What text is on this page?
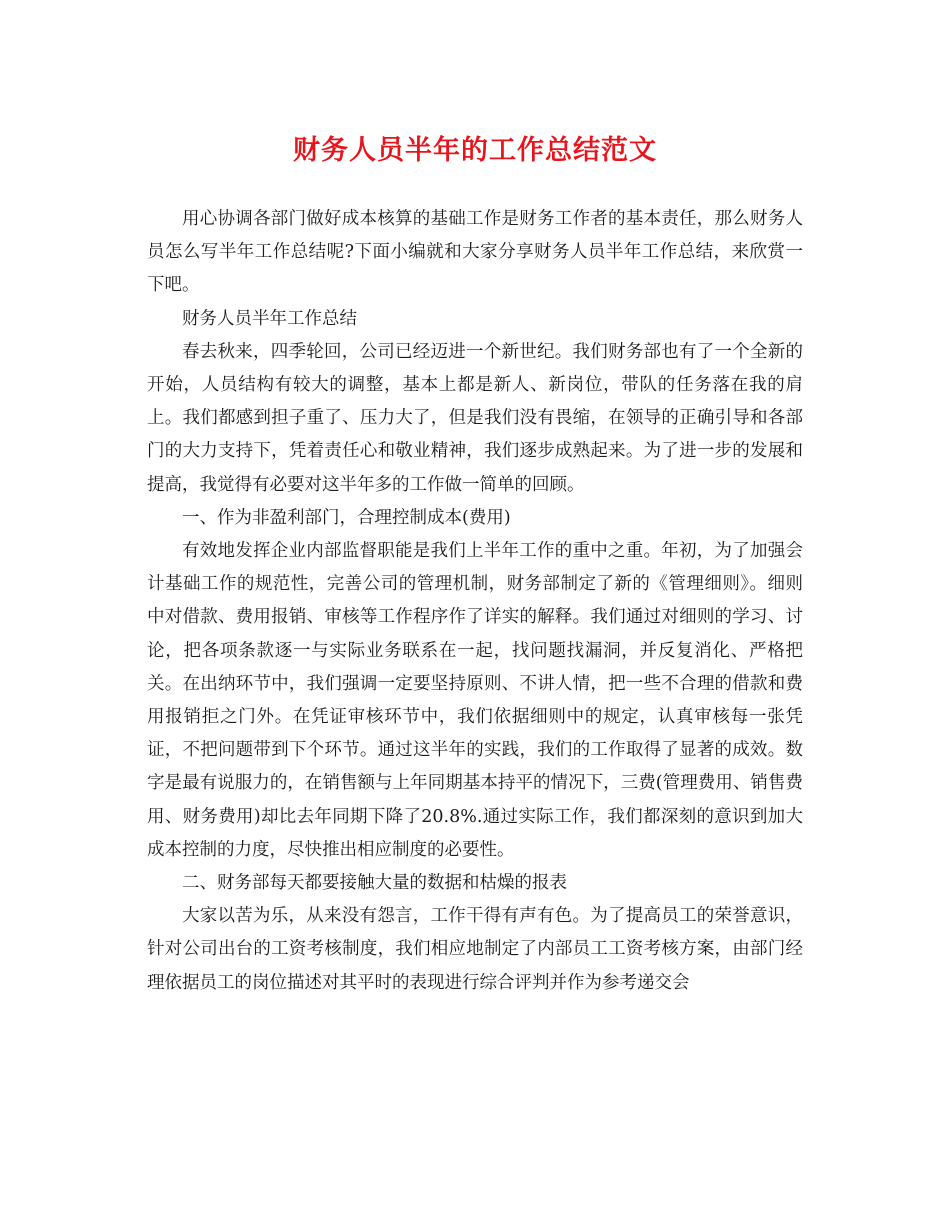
财务人员半年的工作总结范文

用心协调各部门做好成本核算的基础工作是财务工作者的基本责任，那么财务人员怎么写半年工作总结呢?下面小编就和大家分享财务人员半年工作总结，来欣赏一下吧。

财务人员半年工作总结

春去秋来，四季轮回，公司已经迈进一个新世纪。我们财务部也有了一个全新的开始，人员结构有较大的调整，基本上都是新人、新岗位，带队的任务落在我的肩上。我们都感到担子重了、压力大了，但是我们没有畏缩，在领导的正确引导和各部门的大力支持下，凭着责任心和敬业精神，我们逐步成熟起来。为了进一步的发展和提高，我觉得有必要对这半年多的工作做一简单的回顾。

一、作为非盈利部门，合理控制成本(费用)

有效地发挥企业内部监督职能是我们上半年工作的重中之重。年初，为了加强会计基础工作的规范性，完善公司的管理机制，财务部制定了新的《管理细则》。细则中对借款、费用报销、审核等工作程序作了详实的解释。我们通过对细则的学习、讨论，把各项条款逐一与实际业务联系在一起，找问题找漏洞，并反复消化、严格把关。在出纳环节中，我们强调一定要坚持原则、不讲人情，把一些不合理的借款和费用报销拒之门外。在凭证审核环节中，我们依据细则中的规定，认真审核每一张凭证，不把问题带到下个环节。通过这半年的实践，我们的工作取得了显著的成效。数字是最有说服力的，在销售额与上年同期基本持平的情况下，三费(管理费用、销售费用、财务费用)却比去年同期下降了20.8%.通过实际工作，我们都深刻的意识到加大成本控制的力度，尽快推出相应制度的必要性。

二、财务部每天都要接触大量的数据和枯燥的报表

大家以苦为乐，从来没有怨言，工作干得有声有色。为了提高员工的荣誉意识，针对公司出台的工资考核制度，我们相应地制定了内部员工工资考核方案，由部门经理依据员工的岗位描述对其平时的表现进行综合评判并作为参考递交会
